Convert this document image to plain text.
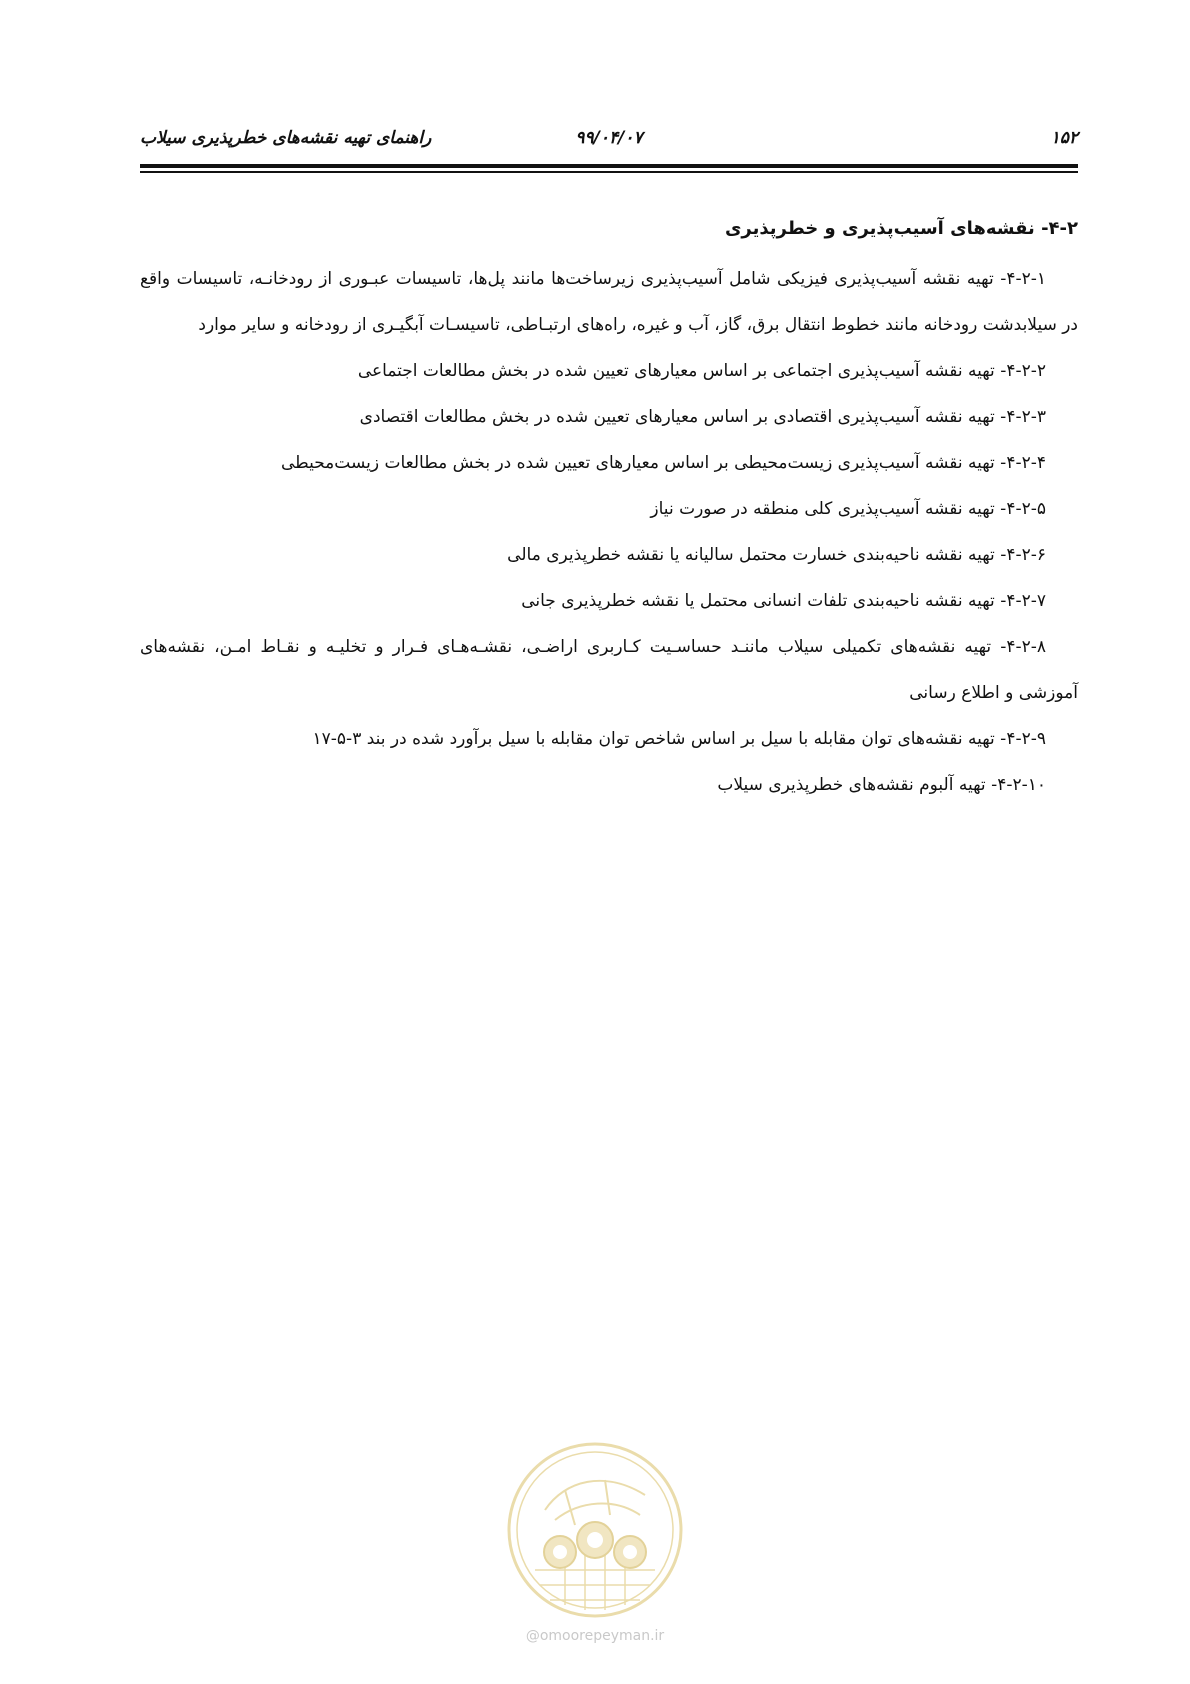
۱۵۲
۹۹/۰۴/۰۷
راهنمای تهیه نقشه‌های خطرپذیری سیلاب
۴-۲- نقشه‌های آسیب‌پذیری و خطرپذیری

۴-۲-۱- تهیه نقشه آسیب‌پذیری فیزیکی شامل آسیب‌پذیری زیرساخت‌ها مانند پل‌ها، تاسیسات عبـوری از رودخانـه، تاسیسات واقع در سیلابدشت رودخانه مانند خطوط انتقال برق، گاز، آب و غیره، راه‌های ارتبـاطی، تاسیسـات آبگیـری از رودخانه و سایر موارد

۴-۲-۲- تهیه نقشه آسیب‌پذیری اجتماعی بر اساس معیارهای تعیین شده در بخش مطالعات اجتماعی

۴-۲-۳- تهیه نقشه آسیب‌پذیری اقتصادی بر اساس معیارهای تعیین شده در بخش مطالعات اقتصادی

۴-۲-۴- تهیه نقشه آسیب‌پذیری زیست‌محیطی بر اساس معیارهای تعیین شده در بخش مطالعات زیست‌محیطی

۴-۲-۵- تهیه نقشه آسیب‌پذیری کلی منطقه در صورت نیاز

۴-۲-۶- تهیه نقشه ناحیه‌بندی خسارت محتمل سالیانه یا نقشه خطرپذیری مالی

۴-۲-۷- تهیه نقشه ناحیه‌بندی تلفات انسانی محتمل یا نقشه خطرپذیری جانی

۴-۲-۸- تهیه نقشه‌های تکمیلی سیلاب ماننـد حساسـیت کـاربری اراضـی، نقشـه‌هـای فـرار و تخلیـه و نقـاط امـن، نقشه‌های آموزشی و اطلاع رسانی

۴-۲-۹- تهیه نقشه‌های توان مقابله با سیل بر اساس شاخص توان مقابله با سیل برآورد شده در بند ۳-۵-۱۷

۴-۲-۱۰- تهیه آلبوم نقشه‌های خطرپذیری سیلاب

@omoorepeyman.ir
